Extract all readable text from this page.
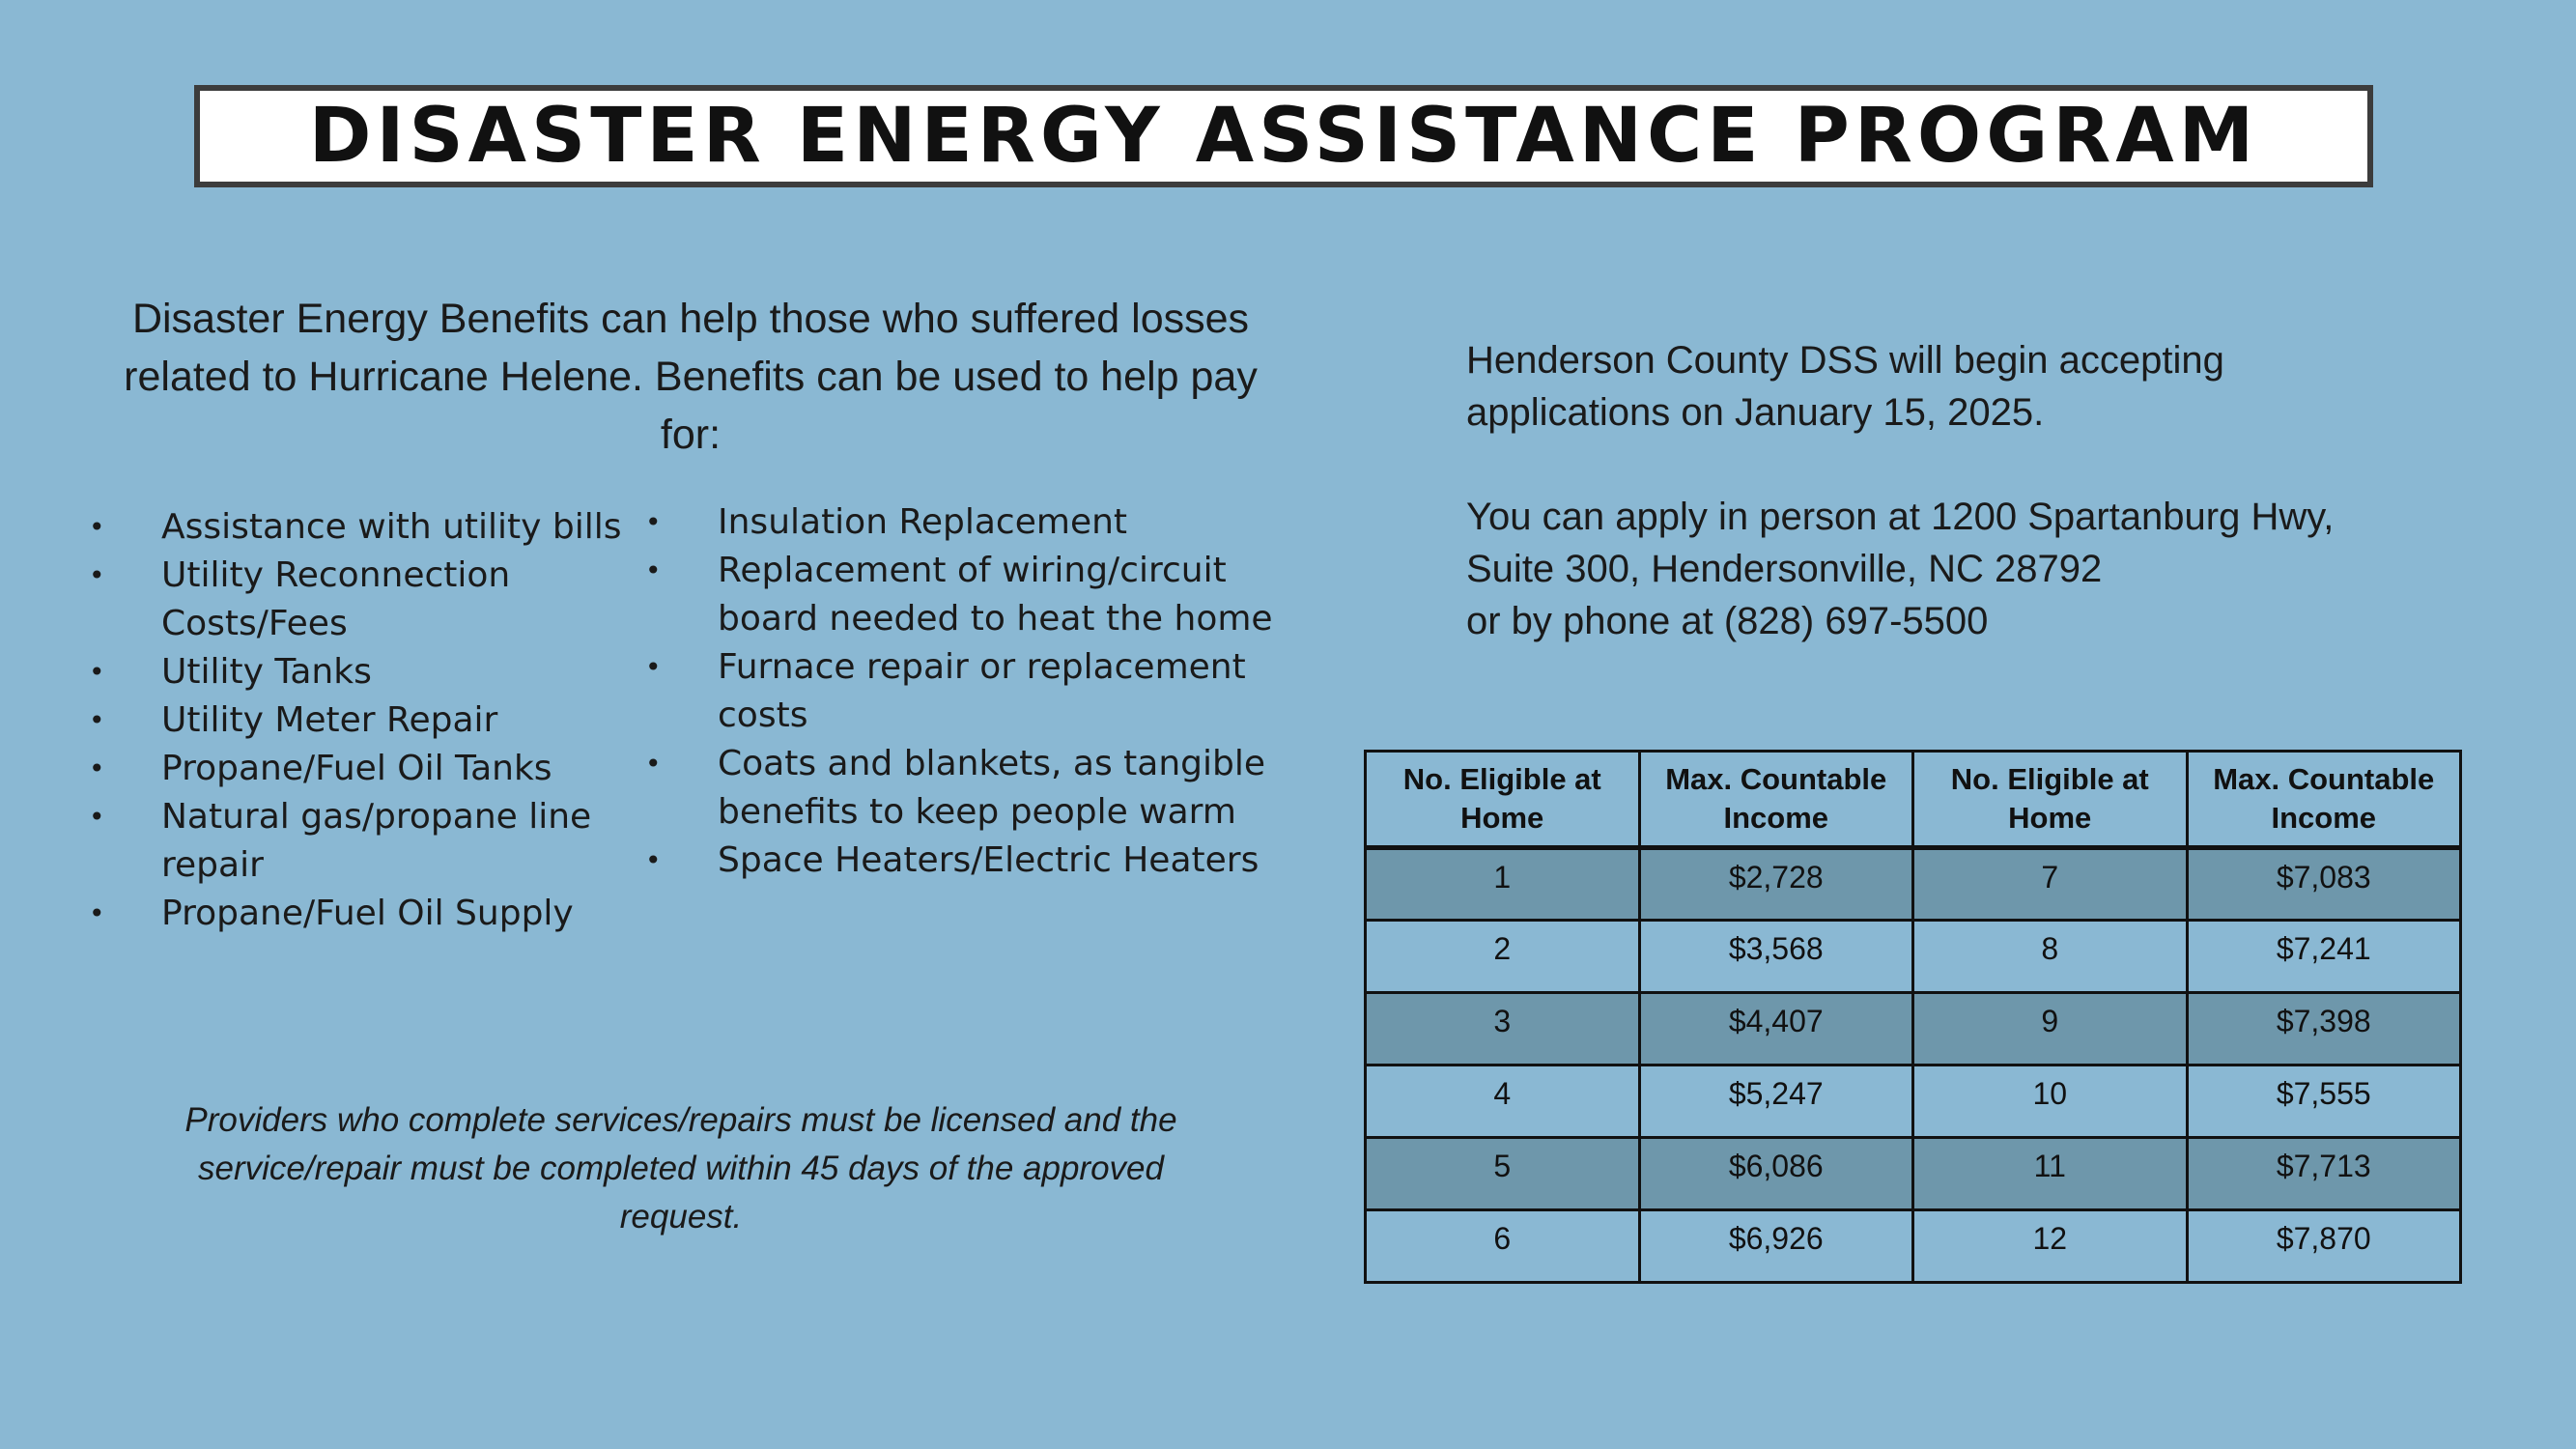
DISASTER ENERGY ASSISTANCE PROGRAM
Disaster Energy Benefits can help those who suffered losses related to Hurricane Helene. Benefits can be used to help pay for:
• Assistance with utility bills
• Utility Reconnection Costs/Fees
• Utility Tanks
• Utility Meter Repair
• Propane/Fuel Oil Tanks
• Natural gas/propane line repair
• Propane/Fuel Oil Supply
• Insulation Replacement
• Replacement of wiring/circuit board needed to heat the home
• Furnace repair or replacement costs
• Coats and blankets, as tangible benefits to keep people warm
• Space Heaters/Electric Heaters

Henderson County DSS will begin accepting

applications on January 15, 2025.

You can apply in person at 1200 Spartanburg Hwy,

Suite 300, Hendersonville, NC 28792

or by phone at (828) 697-5500

Providers who complete services/repairs must be licensed and the service/repair must be completed within 45 days of the approved request.
No. Eligible at Home	Max. Countable Income	No. Eligible at Home	Max. Countable Income
1	$2,728	7	$7,083
2	$3,568	8	$7,241
3	$4,407	9	$7,398
4	$5,247	10	$7,555
5	$6,086	11	$7,713
6	$6,926	12	$7,870
